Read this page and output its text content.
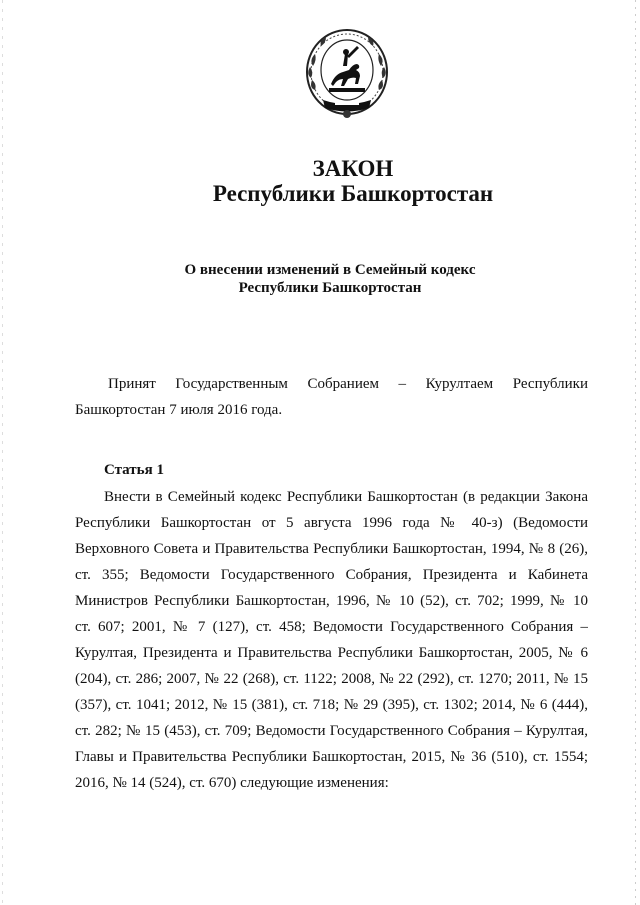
ЗАКОН
Республики Башкортостан
О внесении изменений в Семейный кодекс
Республики Башкортостан
Принят Государственным Собранием – Курултаем Республики
Башкортостан 7 июля 2016 года.
Статья 1
Внести в Семейный кодекс Республики Башкортостан (в редакции Закона
Республики Башкортостан от 5 августа 1996 года № 40-з) (Ведомости
Верховного Совета и Правительства Республики Башкортостан, 1994, № 8 (26),
ст. 355; Ведомости Государственного Собрания, Президента и Кабинета
Министров Республики Башкортостан, 1996, № 10 (52), ст. 702; 1999, № 10
ст. 607; 2001, № 7 (127), ст. 458; Ведомости Государственного Собрания –
Курултая, Президента и Правительства Республики Башкортостан, 2005, № 6
(204), ст. 286; 2007, № 22 (268), ст. 1122; 2008, № 22 (292), ст. 1270; 2011, № 15
(357), ст. 1041; 2012, № 15 (381), ст. 718; № 29 (395), ст. 1302; 2014, № 6 (444),
ст. 282; № 15 (453), ст. 709; Ведомости Государственного Собрания – Курултая,
Главы и Правительства Республики Башкортостан, 2015, № 36 (510), ст. 1554;
2016, № 14 (524), ст. 670) следующие изменения:
